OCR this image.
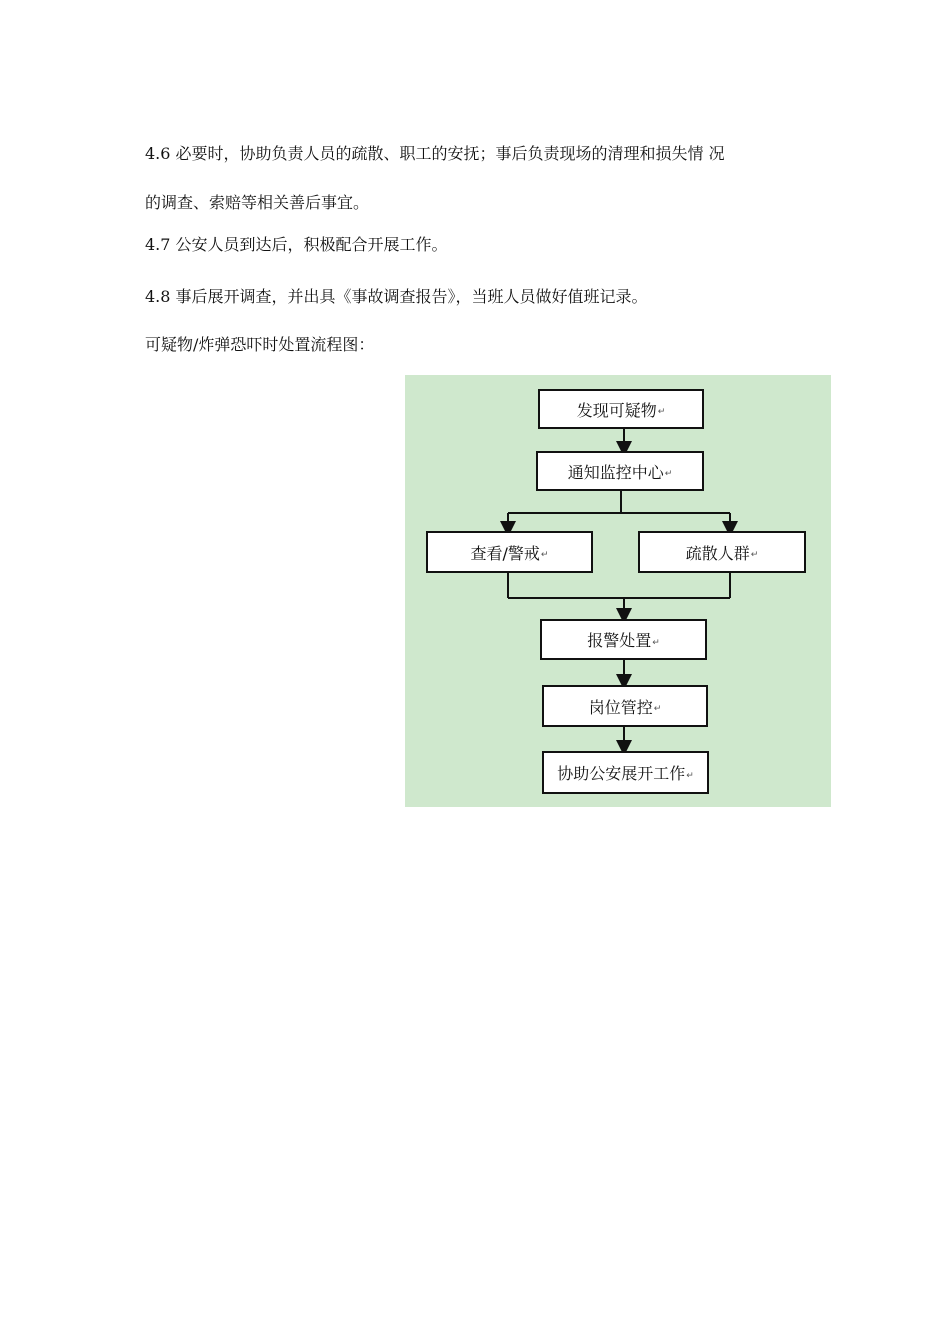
4.6 必要时，协助负责人员的疏散、职工的安抚；事后负责现场的清理和损失情 况
的调查、索赔等相关善后事宜。
4.7 公安人员到达后，积极配合开展工作。
4.8 事后展开调查，并出具《事故调查报告》，当班人员做好值班记录。
可疑物/炸弹恐吓时处置流程图：
发现可疑物 ↵
通知监控中心 ↵
查看/警戒 ↵	疏散人群 ↵
报警处置 ↵
岗位管控 ↵
协助公安展开工作 ↵
